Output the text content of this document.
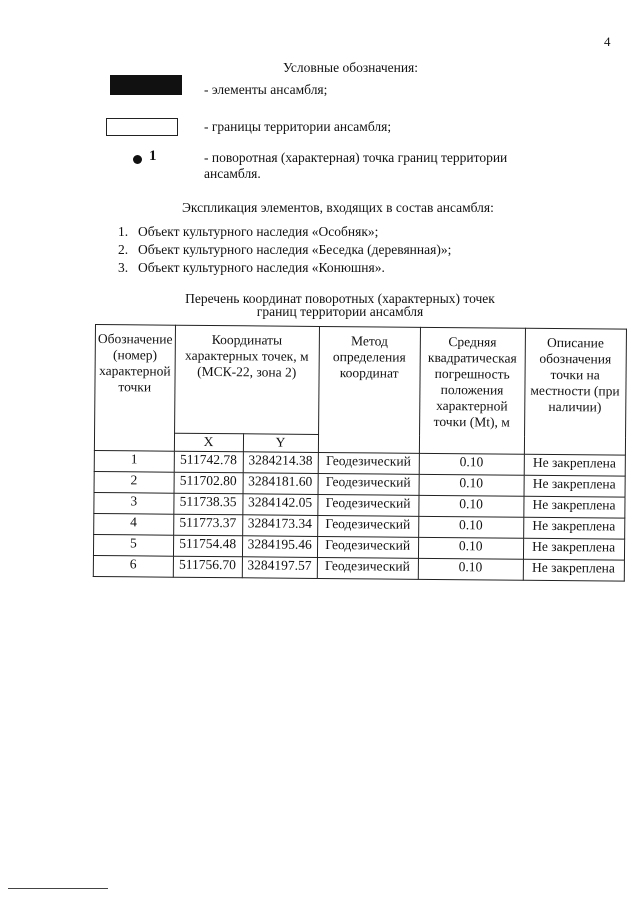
4
Условные обозначения:
- элементы ансамбля;
- границы территории ансамбля;
1	- поворотная (характерная) точка границ территории ансамбля.
Экспликация элементов, входящих в состав ансамбля:
1. Объект культурного наследия «Особняк»;
2. Объект культурного наследия «Беседка (деревянная)»;
3. Объект культурного наследия «Конюшня».
Перечень координат поворотных (характерных) точек
границ территории ансамбля
Обозначение (номер) характерной точки	Координаты характерных точек, м (МСК-22, зона 2)		Метод определения координат	Средняя квадратическая погрешность положения характерной точки (Mt), м	Описание обозначения точки на местности (при наличии)
	X	Y			
1	511742.78	3284214.38	Геодезический	0.10	Не закреплена
2	511702.80	3284181.60	Геодезический	0.10	Не закреплена
3	511738.35	3284142.05	Геодезический	0.10	Не закреплена
4	511773.37	3284173.34	Геодезический	0.10	Не закреплена
5	511754.48	3284195.46	Геодезический	0.10	Не закреплена
6	511756.70	3284197.57	Геодезический	0.10	Не закреплена
